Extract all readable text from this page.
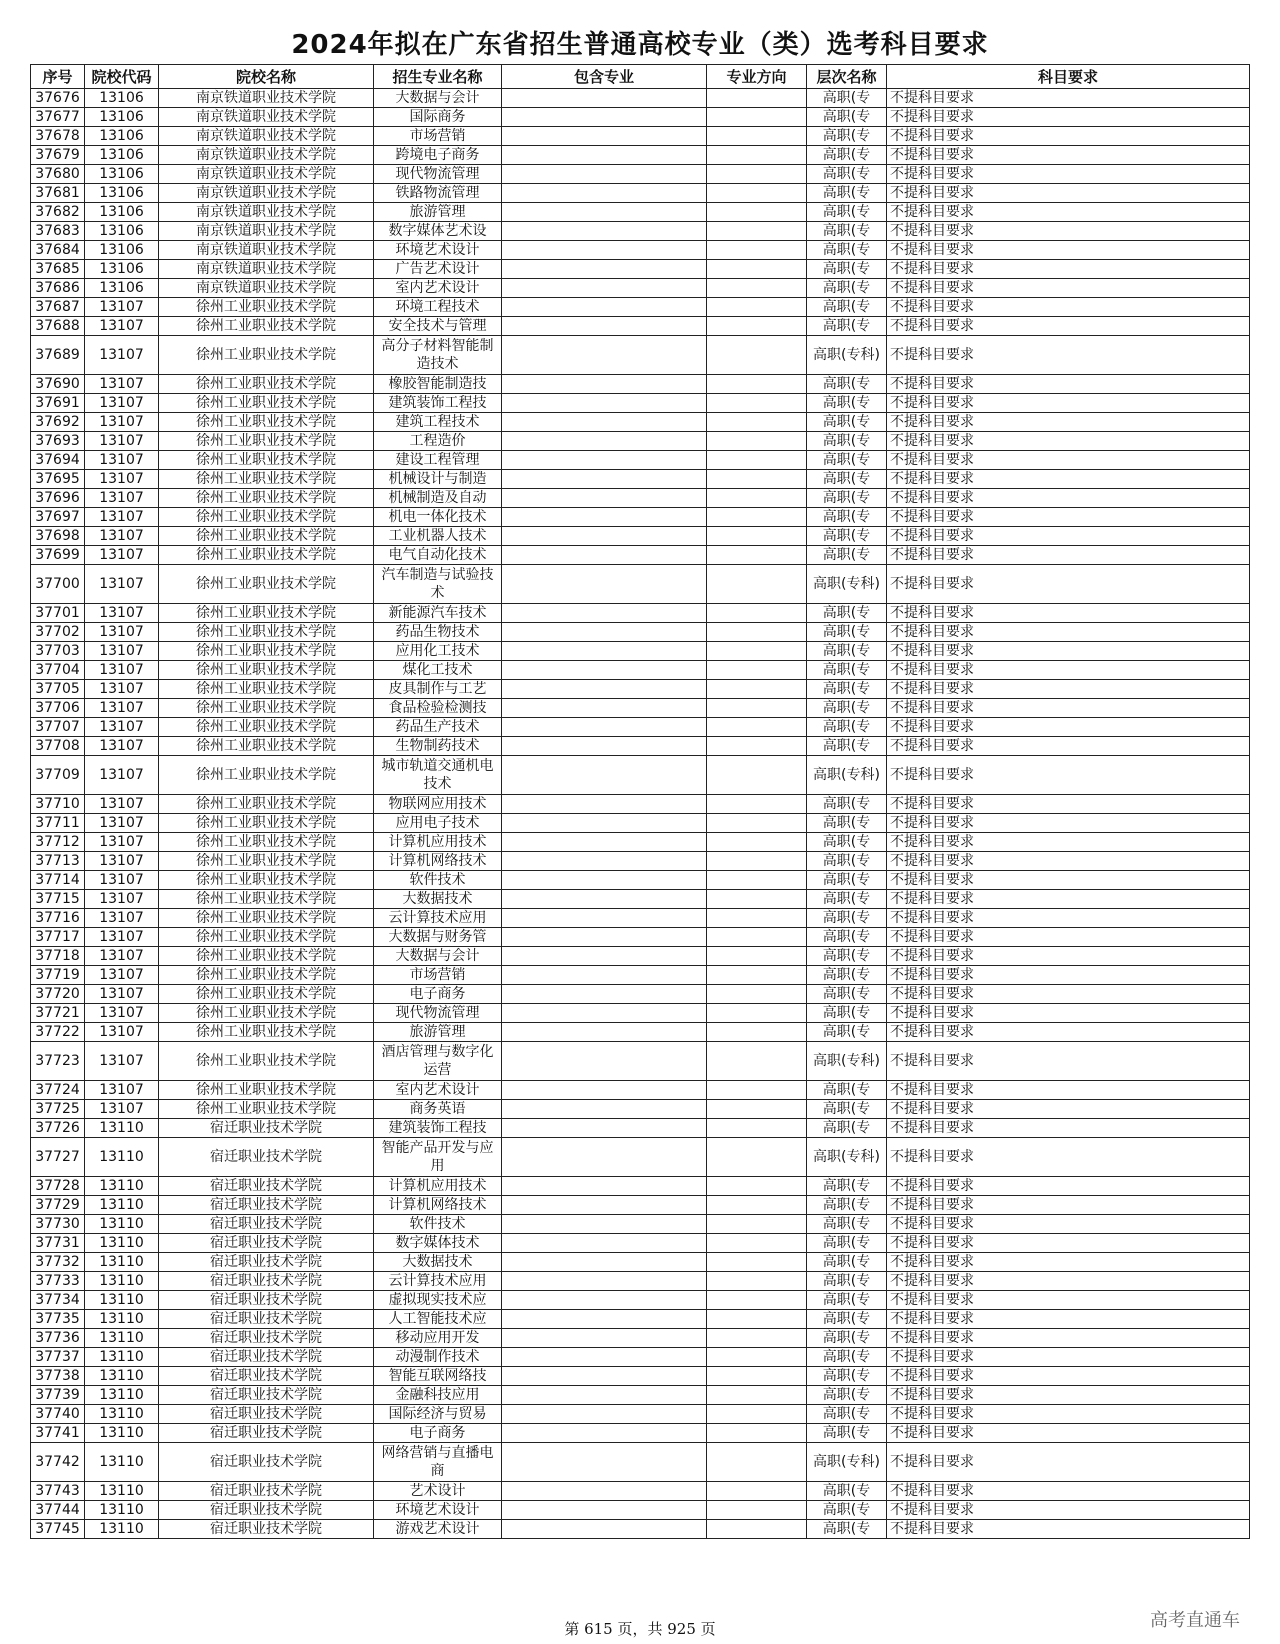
2024年拟在广东省招生普通高校专业（类）选考科目要求
序号	院校代码	院校名称	招生专业名称	包含专业	专业方向	层次名称	科目要求
37676	13106	南京铁道职业技术学院	大数据与会计			高职(专	不提科目要求
37677	13106	南京铁道职业技术学院	国际商务			高职(专	不提科目要求
37678	13106	南京铁道职业技术学院	市场营销			高职(专	不提科目要求
37679	13106	南京铁道职业技术学院	跨境电子商务			高职(专	不提科目要求
37680	13106	南京铁道职业技术学院	现代物流管理			高职(专	不提科目要求
37681	13106	南京铁道职业技术学院	铁路物流管理			高职(专	不提科目要求
37682	13106	南京铁道职业技术学院	旅游管理			高职(专	不提科目要求
37683	13106	南京铁道职业技术学院	数字媒体艺术设			高职(专	不提科目要求
37684	13106	南京铁道职业技术学院	环境艺术设计			高职(专	不提科目要求
37685	13106	南京铁道职业技术学院	广告艺术设计			高职(专	不提科目要求
37686	13106	南京铁道职业技术学院	室内艺术设计			高职(专	不提科目要求
37687	13107	徐州工业职业技术学院	环境工程技术			高职(专	不提科目要求
37688	13107	徐州工业职业技术学院	安全技术与管理			高职(专	不提科目要求
37689	13107	徐州工业职业技术学院	高分子材料智能制造技术			高职(专科)	不提科目要求
37690	13107	徐州工业职业技术学院	橡胶智能制造技			高职(专	不提科目要求
37691	13107	徐州工业职业技术学院	建筑装饰工程技			高职(专	不提科目要求
37692	13107	徐州工业职业技术学院	建筑工程技术			高职(专	不提科目要求
37693	13107	徐州工业职业技术学院	工程造价			高职(专	不提科目要求
37694	13107	徐州工业职业技术学院	建设工程管理			高职(专	不提科目要求
37695	13107	徐州工业职业技术学院	机械设计与制造			高职(专	不提科目要求
37696	13107	徐州工业职业技术学院	机械制造及自动			高职(专	不提科目要求
37697	13107	徐州工业职业技术学院	机电一体化技术			高职(专	不提科目要求
37698	13107	徐州工业职业技术学院	工业机器人技术			高职(专	不提科目要求
37699	13107	徐州工业职业技术学院	电气自动化技术			高职(专	不提科目要求
37700	13107	徐州工业职业技术学院	汽车制造与试验技术			高职(专科)	不提科目要求
37701	13107	徐州工业职业技术学院	新能源汽车技术			高职(专	不提科目要求
37702	13107	徐州工业职业技术学院	药品生物技术			高职(专	不提科目要求
37703	13107	徐州工业职业技术学院	应用化工技术			高职(专	不提科目要求
37704	13107	徐州工业职业技术学院	煤化工技术			高职(专	不提科目要求
37705	13107	徐州工业职业技术学院	皮具制作与工艺			高职(专	不提科目要求
37706	13107	徐州工业职业技术学院	食品检验检测技			高职(专	不提科目要求
37707	13107	徐州工业职业技术学院	药品生产技术			高职(专	不提科目要求
37708	13107	徐州工业职业技术学院	生物制药技术			高职(专	不提科目要求
37709	13107	徐州工业职业技术学院	城市轨道交通机电技术			高职(专科)	不提科目要求
37710	13107	徐州工业职业技术学院	物联网应用技术			高职(专	不提科目要求
37711	13107	徐州工业职业技术学院	应用电子技术			高职(专	不提科目要求
37712	13107	徐州工业职业技术学院	计算机应用技术			高职(专	不提科目要求
37713	13107	徐州工业职业技术学院	计算机网络技术			高职(专	不提科目要求
37714	13107	徐州工业职业技术学院	软件技术			高职(专	不提科目要求
37715	13107	徐州工业职业技术学院	大数据技术			高职(专	不提科目要求
37716	13107	徐州工业职业技术学院	云计算技术应用			高职(专	不提科目要求
37717	13107	徐州工业职业技术学院	大数据与财务管			高职(专	不提科目要求
37718	13107	徐州工业职业技术学院	大数据与会计			高职(专	不提科目要求
37719	13107	徐州工业职业技术学院	市场营销			高职(专	不提科目要求
37720	13107	徐州工业职业技术学院	电子商务			高职(专	不提科目要求
37721	13107	徐州工业职业技术学院	现代物流管理			高职(专	不提科目要求
37722	13107	徐州工业职业技术学院	旅游管理			高职(专	不提科目要求
37723	13107	徐州工业职业技术学院	酒店管理与数字化运营			高职(专科)	不提科目要求
37724	13107	徐州工业职业技术学院	室内艺术设计			高职(专	不提科目要求
37725	13107	徐州工业职业技术学院	商务英语			高职(专	不提科目要求
37726	13110	宿迁职业技术学院	建筑装饰工程技			高职(专	不提科目要求
37727	13110	宿迁职业技术学院	智能产品开发与应用			高职(专科)	不提科目要求
37728	13110	宿迁职业技术学院	计算机应用技术			高职(专	不提科目要求
37729	13110	宿迁职业技术学院	计算机网络技术			高职(专	不提科目要求
37730	13110	宿迁职业技术学院	软件技术			高职(专	不提科目要求
37731	13110	宿迁职业技术学院	数字媒体技术			高职(专	不提科目要求
37732	13110	宿迁职业技术学院	大数据技术			高职(专	不提科目要求
37733	13110	宿迁职业技术学院	云计算技术应用			高职(专	不提科目要求
37734	13110	宿迁职业技术学院	虚拟现实技术应			高职(专	不提科目要求
37735	13110	宿迁职业技术学院	人工智能技术应			高职(专	不提科目要求
37736	13110	宿迁职业技术学院	移动应用开发			高职(专	不提科目要求
37737	13110	宿迁职业技术学院	动漫制作技术			高职(专	不提科目要求
37738	13110	宿迁职业技术学院	智能互联网络技			高职(专	不提科目要求
37739	13110	宿迁职业技术学院	金融科技应用			高职(专	不提科目要求
37740	13110	宿迁职业技术学院	国际经济与贸易			高职(专	不提科目要求
37741	13110	宿迁职业技术学院	电子商务			高职(专	不提科目要求
37742	13110	宿迁职业技术学院	网络营销与直播电商			高职(专科)	不提科目要求
37743	13110	宿迁职业技术学院	艺术设计			高职(专	不提科目要求
37744	13110	宿迁职业技术学院	环境艺术设计			高职(专	不提科目要求
37745	13110	宿迁职业技术学院	游戏艺术设计			高职(专	不提科目要求
第 615 页，共 925 页	高考直通车
